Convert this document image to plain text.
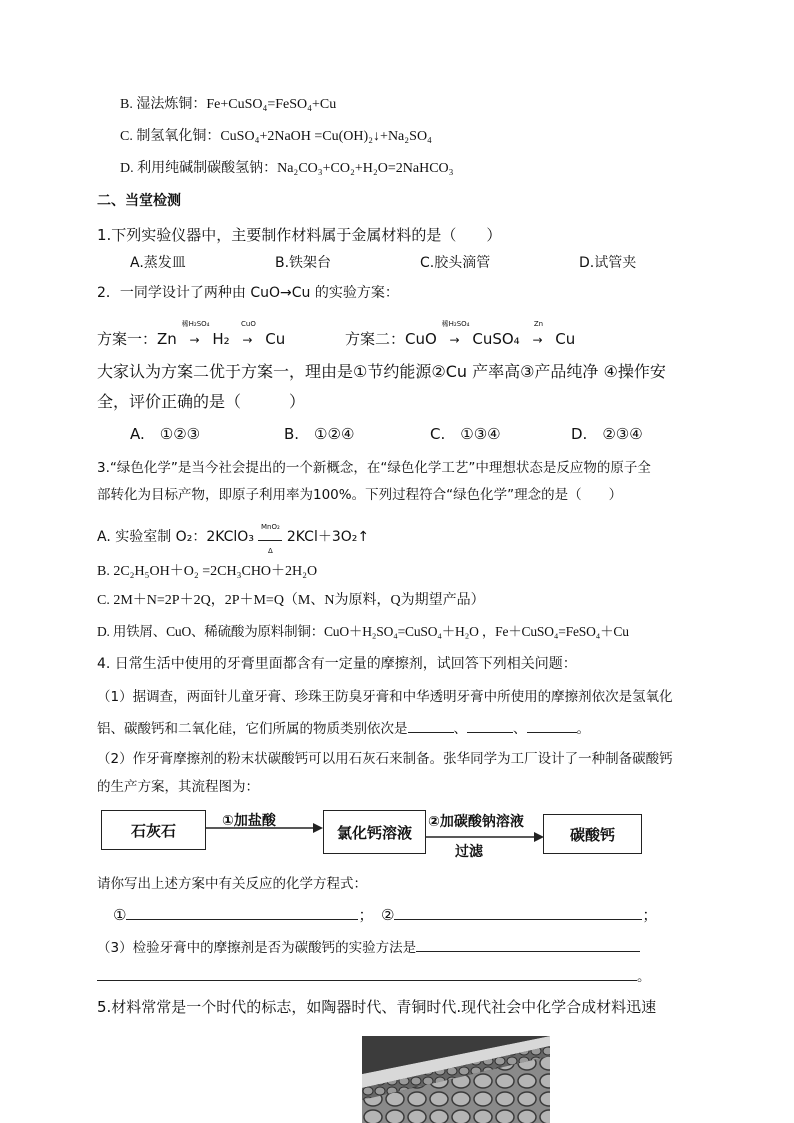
B. 湿法炼铜：Fe+CuSO₄=FeSO₄+Cu
C. 制氢氧化铜：CuSO₄+2NaOH =Cu(OH)₂↓+Na₂SO₄
D. 利用纯碱制碳酸氢钠：Na₂CO₃+CO₂+H₂O=2NaHCO₃
二、当堂检测
1.下列实验仪器中，主要制作材料属于金属材料的是（　　）
A.蒸发皿	B.铁架台	C.胶头滴管	D.试管夹
2．一同学设计了两种由 CuO→Cu 的实验方案：
方案一：Zn
稀H₂SO₄
→ H₂
CuO
→ Cu	方案二：CuO
稀H₂SO₄
→ CuSO₄
Zn
→ Cu
大家认为方案二优于方案一，理由是①节约能源②Cu 产率高③产品纯净 ④操作安
全，评价正确的是（　　　）
A.　①②③	B.　①②④	C.　①③④	D.　②③④
3.“绿色化学”是当今社会提出的一个新概念，在“绿色化学工艺”中理想状态是反应物的原子全
部转化为目标产物，即原子利用率为100%。下列过程符合“绿色化学”理念的是（　　）
A. 实验室制 O₂：2KClO₃
MnO₂
Δ
2KCl＋3O₂↑
B. 2C₂H₅OH＋O₂ =2CH₃CHO＋2H₂O
C. 2M＋N=2P＋2Q，2P＋M=Q（M、N为原料，Q为期望产品）
D. 用铁屑、CuO、稀硫酸为原料制铜：CuO＋H₂SO₄=CuSO₄＋H₂O ，Fe＋CuSO₄=FeSO₄＋Cu
4. 日常生活中使用的牙膏里面都含有一定量的摩擦剂，试回答下列相关问题：
（1）据调查，两面针儿童牙膏、珍珠王防臭牙膏和中华透明牙膏中所使用的摩擦剂依次是氢氧化
铝、碳酸钙和二氧化硅，它们所属的物质类别依次是	、	、	。
（2）作牙膏摩擦剂的粉末状碳酸钙可以用石灰石来制备。张华同学为工厂设计了一种制备碳酸钙
的生产方案，其流程图为：
石灰石
①加盐酸
氯化钙溶液
②加碳酸钠溶液
过滤
碳酸钙
请你写出上述方案中有关反应的化学方程式：
①	；　②	；
（3）检验牙膏中的摩擦剂是否为碳酸钙的实验方法是
。
5.材料常常是一个时代的标志，如陶器时代、青铜时代.现代社会中化学合成材料迅速
